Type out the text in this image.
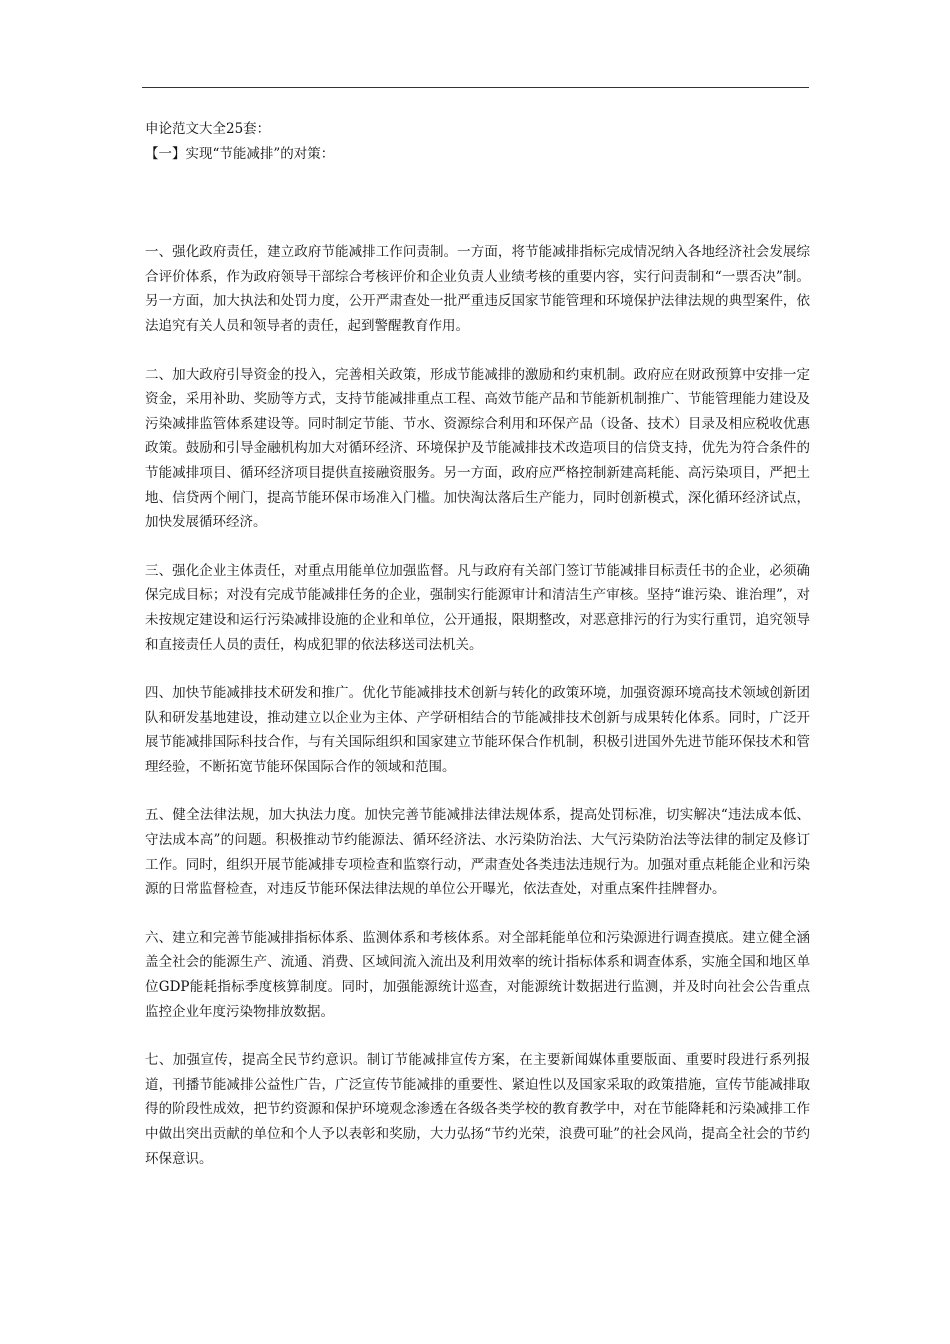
申论范文大全25套：

【一】实现“节能减排”的对策：

一、强化政府责任，建立政府节能减排工作问责制。一方面，将节能减排指标完成情况纳入各地经济社会发展综合评价体系，作为政府领导干部综合考核评价和企业负责人业绩考核的重要内容，实行问责制和“一票否决”制。另一方面，加大执法和处罚力度，公开严肃查处一批严重违反国家节能管理和环境保护法律法规的典型案件，依法追究有关人员和领导者的责任，起到警醒教育作用。

二、加大政府引导资金的投入，完善相关政策，形成节能减排的激励和约束机制。政府应在财政预算中安排一定资金，采用补助、奖励等方式，支持节能减排重点工程、高效节能产品和节能新机制推广、节能管理能力建设及污染减排监管体系建设等。同时制定节能、节水、资源综合利用和环保产品（设备、技术）目录及相应税收优惠政策。鼓励和引导金融机构加大对循环经济、环境保护及节能减排技术改造项目的信贷支持，优先为符合条件的节能减排项目、循环经济项目提供直接融资服务。另一方面，政府应严格控制新建高耗能、高污染项目，严把土地、信贷两个闸门，提高节能环保市场准入门槛。加快淘汰落后生产能力，同时创新模式，深化循环经济试点，加快发展循环经济。

三、强化企业主体责任，对重点用能单位加强监督。凡与政府有关部门签订节能减排目标责任书的企业，必须确保完成目标；对没有完成节能减排任务的企业，强制实行能源审计和清洁生产审核。坚持“谁污染、谁治理”，对未按规定建设和运行污染减排设施的企业和单位，公开通报，限期整改，对恶意排污的行为实行重罚，追究领导和直接责任人员的责任，构成犯罪的依法移送司法机关。

四、加快节能减排技术研发和推广。优化节能减排技术创新与转化的政策环境，加强资源环境高技术领域创新团队和研发基地建设，推动建立以企业为主体、产学研相结合的节能减排技术创新与成果转化体系。同时，广泛开展节能减排国际科技合作，与有关国际组织和国家建立节能环保合作机制，积极引进国外先进节能环保技术和管理经验，不断拓宽节能环保国际合作的领域和范围。

五、健全法律法规，加大执法力度。加快完善节能减排法律法规体系，提高处罚标准，切实解决“违法成本低、守法成本高”的问题。积极推动节约能源法、循环经济法、水污染防治法、大气污染防治法等法律的制定及修订工作。同时，组织开展节能减排专项检查和监察行动，严肃查处各类违法违规行为。加强对重点耗能企业和污染源的日常监督检查，对违反节能环保法律法规的单位公开曝光，依法查处，对重点案件挂牌督办。

六、建立和完善节能减排指标体系、监测体系和考核体系。对全部耗能单位和污染源进行调查摸底。建立健全涵盖全社会的能源生产、流通、消费、区域间流入流出及利用效率的统计指标体系和调查体系，实施全国和地区单位GDP能耗指标季度核算制度。同时，加强能源统计巡查，对能源统计数据进行监测，并及时向社会公告重点监控企业年度污染物排放数据。

七、加强宣传，提高全民节约意识。制订节能减排宣传方案，在主要新闻媒体重要版面、重要时段进行系列报道，刊播节能减排公益性广告，广泛宣传节能减排的重要性、紧迫性以及国家采取的政策措施，宣传节能减排取得的阶段性成效，把节约资源和保护环境观念渗透在各级各类学校的教育教学中，对在节能降耗和污染减排工作中做出突出贡献的单位和个人予以表彰和奖励，大力弘扬“节约光荣，浪费可耻”的社会风尚，提高全社会的节约环保意识。
